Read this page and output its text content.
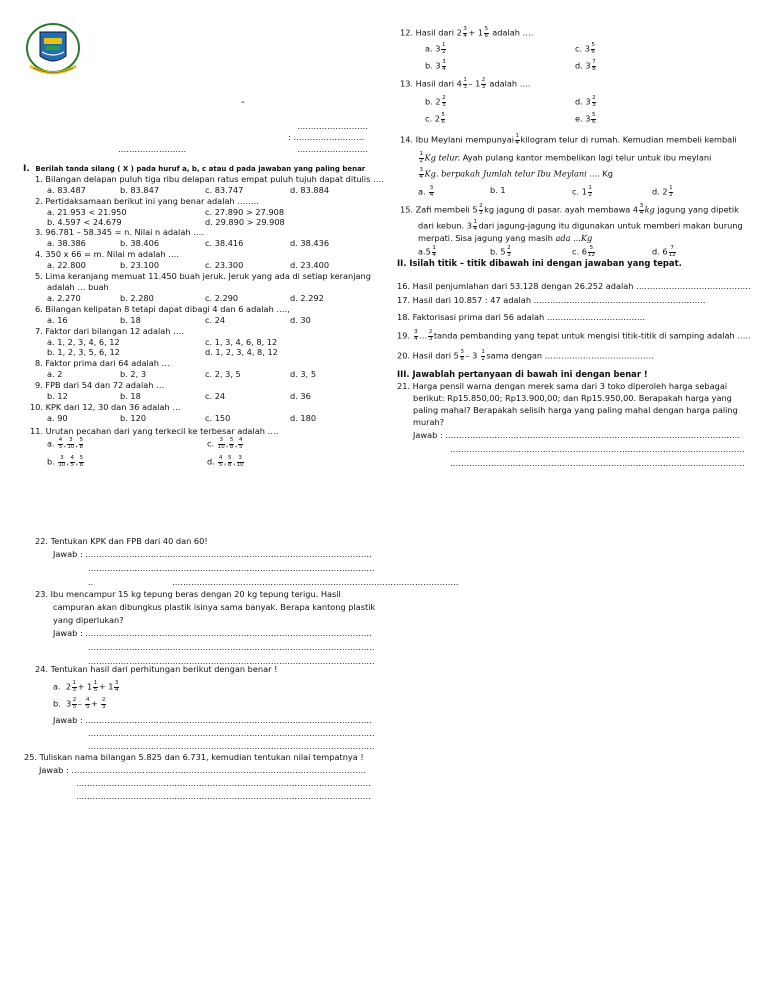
-
……………………..
: ……………………..
…………………….	……………………..
I. Berilah tanda silang ( X ) pada huruf a, b, c atau d pada jawaban yang paling benar
1. Bilangan delapan puluh tiga ribu delapan ratus empat puluh tujuh dapat ditulis ….
a. 83.487	b. 83.847	c. 83.747	d. 83.884
2. Pertidaksamaan berikut ini yang benar adalah ……..
a. 21.953 < 21.950
b. 4.597 < 24.679
c. 27.890 > 27.908
d. 29.890 > 29.908
3. 96.781 – 58.345 = n. Nilai n adalah ….
a. 38.386	b. 38.406	c. 38.416	d. 38.436
4. 350 x 66 = m. Nilai m adalah ….
a. 22.800	b. 23.100	c. 23.300	d. 23.400
5. Lima keranjang memuat 11.450 buah jeruk. Jeruk yang ada di setiap keranjang
adalah … buah
a. 2.270	b. 2.280	c. 2.290	d. 2.292
6. Bilangan kelipatan 8 tetapi dapat dibagi 4 dan 6 adalah ….,
a. 16	b. 18	c. 24	d. 30
7. Faktor dari bilangan 12 adalah ….
a. 1, 2, 3, 4, 6, 12
b. 1, 2, 3, 5, 6, 12
c. 1, 3, 4, 6, 8, 12
d. 1, 2, 3, 4, 8, 12
8. Faktor prima dari 64 adalah …
a. 2	b. 2, 3	c. 2, 3, 5	d. 3, 5
9. FPB dari 54 dan 72 adalah …
b. 12	b. 18	c. 24	d. 36
10. KPK dari 12, 30 dan 36 adalah …
a. 90	b. 120	c. 150	d. 180
11. Urutan pecahan dari yang terkecil ke terbesar adalah ….
a. $\frac{4}{5}$ , $\frac{3}{10}$ , $\frac{5}{8}$
b. $\frac{3}{10}$ , $\frac{4}{5}$ , $\frac{5}{8}$
c. $\frac{3}{10}$ , $\frac{5}{8}$ , $\frac{4}{5}$
d. $\frac{4}{5}$ , $\frac{5}{8}$ , $\frac{3}{10}$
12. Hasil dari $2 \frac{3}{4} + 1 \frac{5}{6}$ adalah ….
a. $3 \frac{1}{2}$
b. $3 \frac{3}{4}$
c. $3 \frac{5}{6}$
d. $3 \frac{7}{8}$
13. Hasil dari $4 \frac{1}{3} - 1 \frac{2}{3}$ adalah ….
b. $2 \frac{2}{3}$
c. $2 \frac{5}{6}$
d. $3 \frac{2}{3}$
e. $3 \frac{5}{6}$
14. Ibu Meylani mempunyai $\frac{1}{4}$ kilogram telur di rumah. Kemudian membeli kembali
$\frac{1}{2}$ Kg telur. Ayah pulang kantor membelikan lagi telur untuk ibu meylani
$\frac{3}{4} Kg$. berpakah Jumlah telur Ibu Meylani .... Kg
a. $\frac{3}{4}$	b. 1	c. $1 \frac{1}{2}$	d. $2 \frac{1}{2}$
15. Zafi membeli $5 \frac{2}{3}$ kg jagung di pasar. ayah membawa $4 \frac{3}{4}$ kg jagung yang dipetik
dari kebun. $3 \frac{1}{4}$ dari jagung-jagung itu digunakan untuk memberi makan burung
merpati. Sisa jagung yang masih ada ...Kg
$a.5 \frac{1}{4}$	b. $5 \frac{2}{3}$	c. $6 \frac{5}{12}$	d. $6 \frac{7}{12}$
II. Isilah titik – titik dibawah ini dengan jawaban yang tepat.
16. Hasil penjumlahan dari 53.128 dengan 26.252 adalah ……………………………………
17. Hasil dari 10.857 : 47 adalah ………………………………………………………
18. Faktorisasi prima dari 56 adalah ………………………………
19. $\frac{3}{4}$ … $\frac{2}{3}$ tanda pembanding yang tepat untuk mengisi titik-titik di samping adalah …..
20. Hasil dari $5 \frac{3}{8} - 3 \frac{1}{2}$ sama dengan ………………………………….
III. Jawablah pertanyaan di bawah ini dengan benar !
21. Harga pensil warna dengan merek sama dari 3 toko diperoleh harga sebagai
berikut: Rp15.850,00; Rp13.900,00; dan Rp15.950,00. Berapakah harga yang
paling mahal? Berapakah selisih harga yang paling mahal dengan harga paling
murah?
Jawab : ………………………………………………………………………………………………
………………………………………………………………………………………………
………………………………………………………………………………………………
22. Tentukan KPK dan FPB dari 40 dan 60!
Jawab : ……………………………………………………………………………………………
……………………………………………………………………………………………
..	……………………………………………………………………………………………
23. Ibu mencampur 15 kg tepung beras dengan 20 kg tepung terigu. Hasil
campuran akan dibungkus plastik isinya sama banyak. Berapa kantong plastik
yang diperlukan?
Jawab : ……………………………………………………………………………………………
……………………………………………………………………………………………
……………………………………………………………………………………………
24. Tentukan hasil dari perhitungan berikut dengan benar !
a.  $2 \frac{1}{3} + 1 \frac{1}{5} + 1 \frac{3}{4}$
b.  $3 \frac{2}{5} - \frac{4}{5} + \frac{2}{3}$
Jawab : ……………………………………………………………………………………………
……………………………………………………………………………………………
……………………………………………………………………………………………
25. Tuliskan nama bilangan 5.825 dan 6.731, kemudian tentukan nilai tempatnya !
Jawab : ………………………………………………………………………………………………
………………………………………………………………………………………………
………………………………………………………………………………………………
